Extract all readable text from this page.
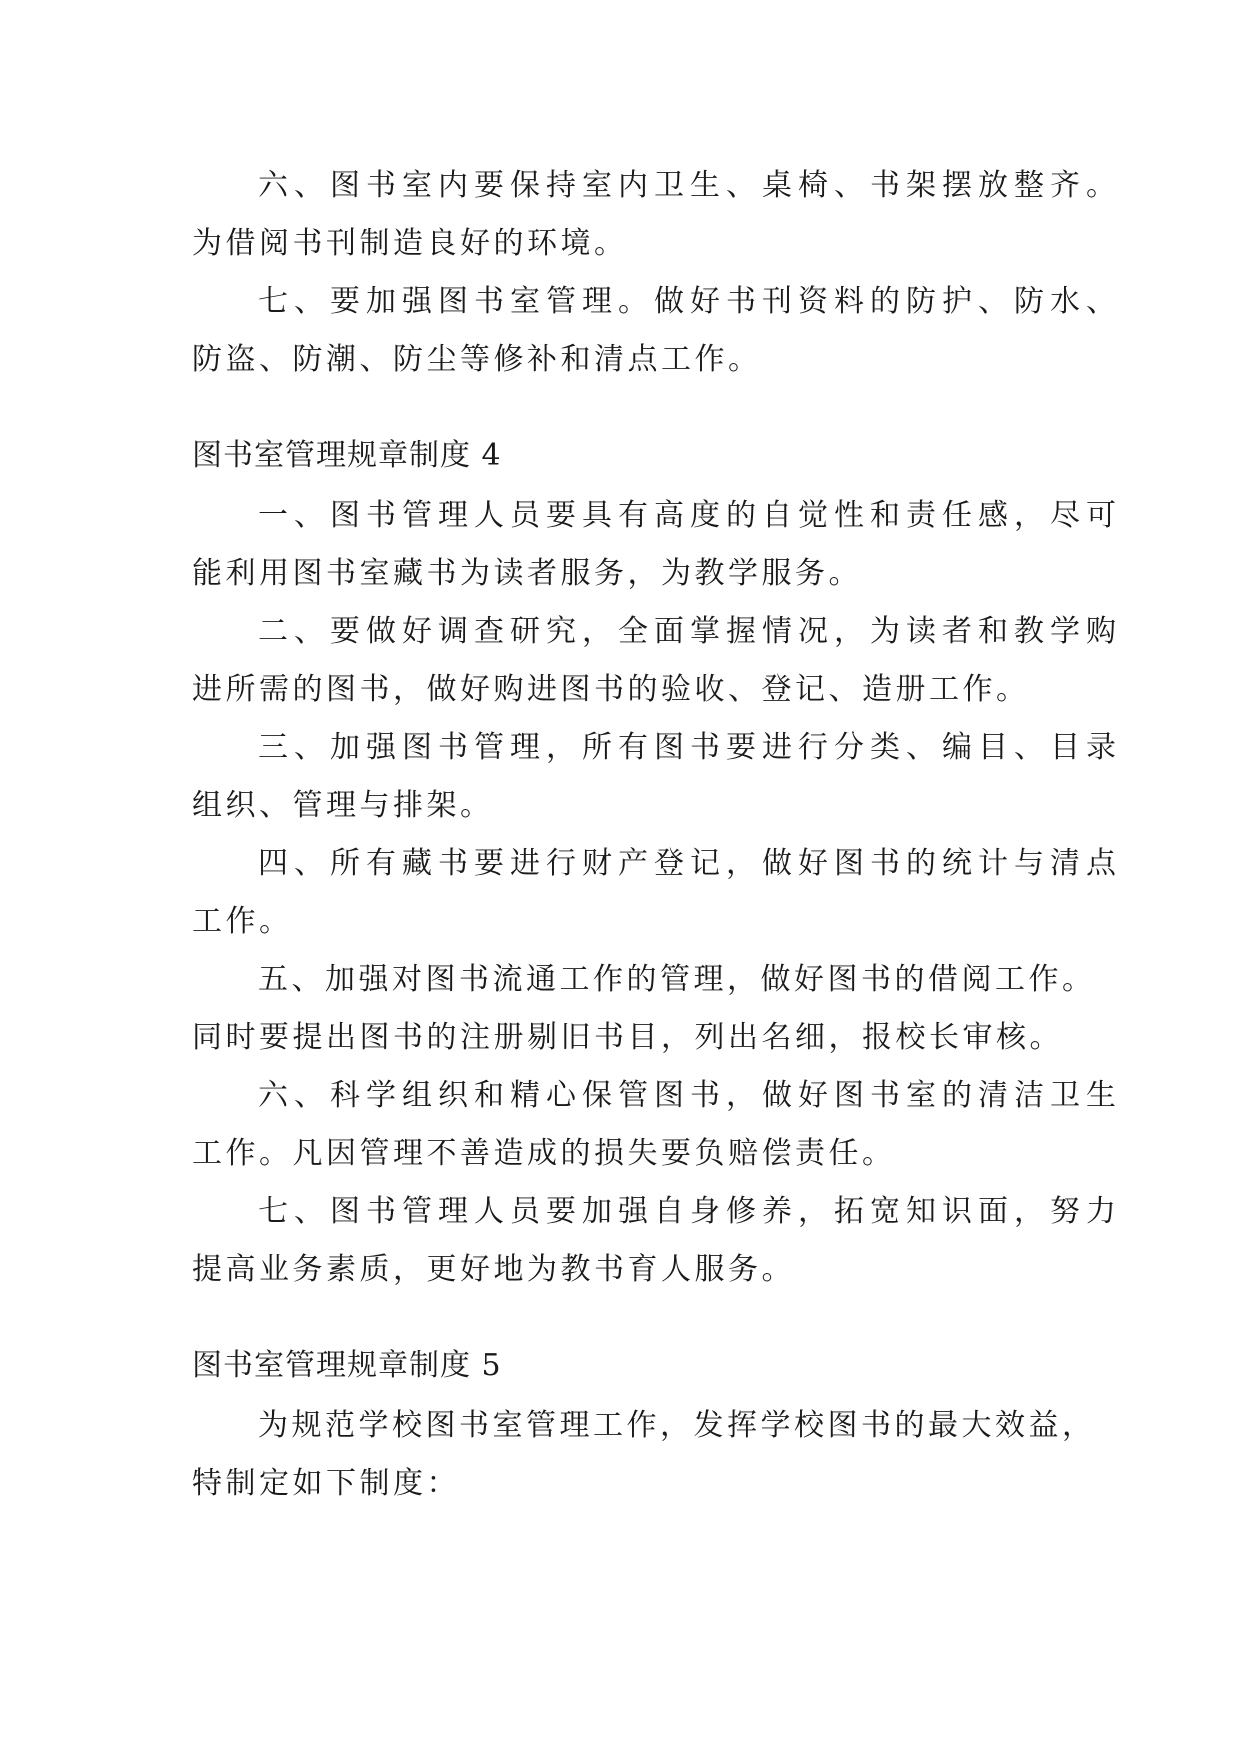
六、图书室内要保持室内卫生、桌椅、书架摆放整齐。
为借阅书刊制造良好的环境。
七、要加强图书室管理。做好书刊资料的防护、防水、
防盗、防潮、防尘等修补和清点工作。
图书室管理规章制度 4
一、图书管理人员要具有高度的自觉性和责任感，尽可
能利用图书室藏书为读者服务，为教学服务。
二、要做好调查研究，全面掌握情况，为读者和教学购
进所需的图书，做好购进图书的验收、登记、造册工作。
三、加强图书管理，所有图书要进行分类、编目、目录
组织、管理与排架。
四、所有藏书要进行财产登记，做好图书的统计与清点
工作。
五、加强对图书流通工作的管理，做好图书的借阅工作。
同时要提出图书的注册剔旧书目，列出名细，报校长审核。
六、科学组织和精心保管图书，做好图书室的清洁卫生
工作。凡因管理不善造成的损失要负赔偿责任。
七、图书管理人员要加强自身修养，拓宽知识面，努力
提高业务素质，更好地为教书育人服务。
图书室管理规章制度 5
为规范学校图书室管理工作，发挥学校图书的最大效益，
特制定如下制度：
